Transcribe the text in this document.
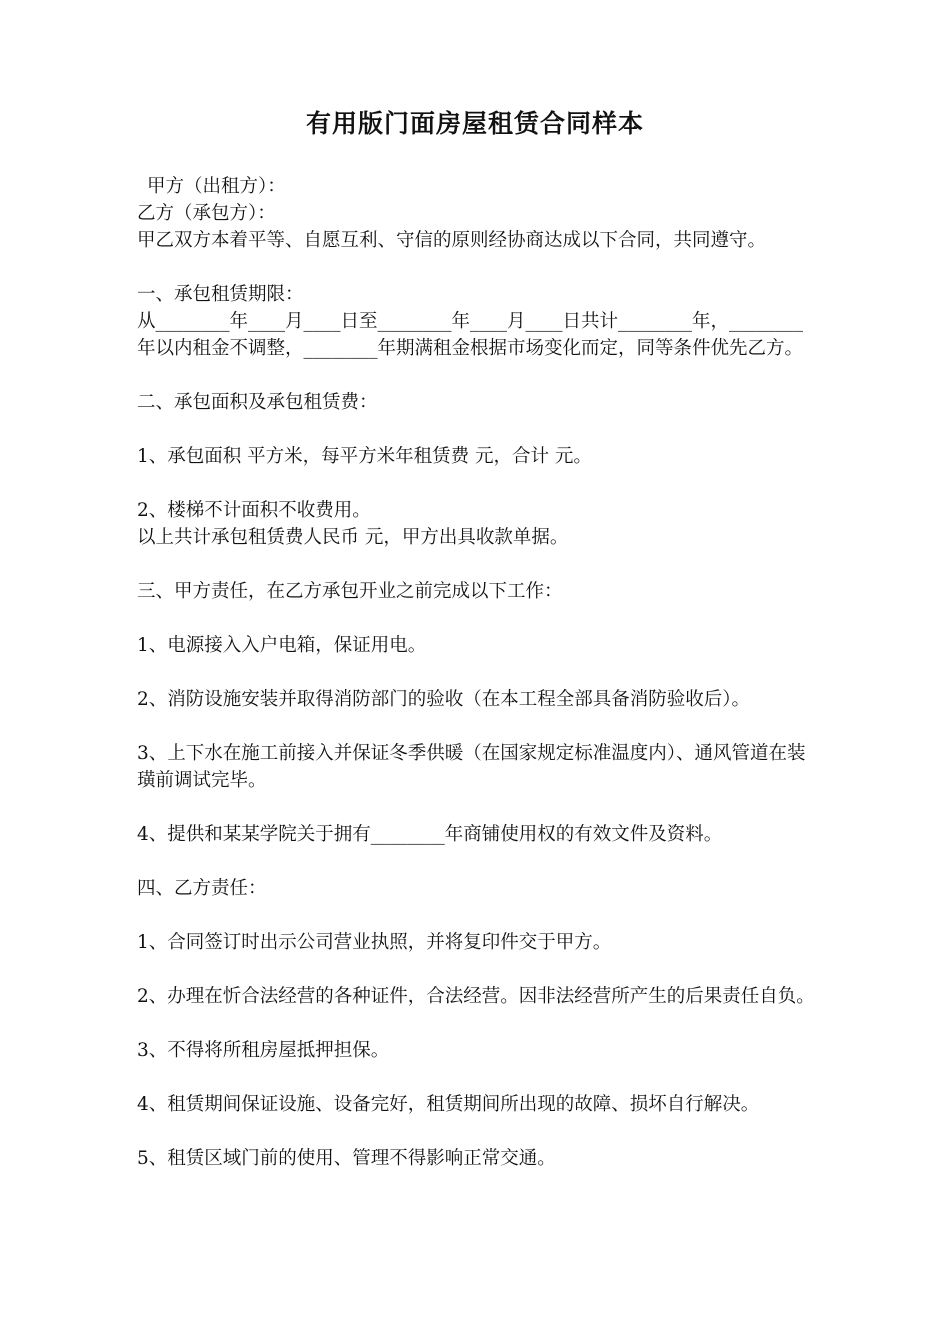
有用版门面房屋租赁合同样本

甲方（出租方）：

乙方（承包方）：

甲乙双方本着平等、自愿互利、守信的原则经协商达成以下合同，共同遵守。

一、承包租赁期限：

从________年____月____日至________年____月____日共计________年，________年以内租金不调整，________年期满租金根据市场变化而定，同等条件优先乙方。

二、承包面积及承包租赁费：

1、承包面积 平方米，每平方米年租赁费 元，合计 元。

2、楼梯不计面积不收费用。

以上共计承包租赁费人民币 元，甲方出具收款单据。

三、甲方责任，在乙方承包开业之前完成以下工作：

1、电源接入入户电箱，保证用电。

2、消防设施安装并取得消防部门的验收（在本工程全部具备消防验收后）。

3、上下水在施工前接入并保证冬季供暖（在国家规定标准温度内）、通风管道在装璜前调试完毕。

4、提供和某某学院关于拥有________年商铺使用权的有效文件及资料。

四、乙方责任：

1、合同签订时出示公司营业执照，并将复印件交于甲方。

2、办理在忻合法经营的各种证件，合法经营。因非法经营所产生的后果责任自负。

3、不得将所租房屋抵押担保。

4、租赁期间保证设施、设备完好，租赁期间所出现的故障、损坏自行解决。

5、租赁区域门前的使用、管理不得影响正常交通。
